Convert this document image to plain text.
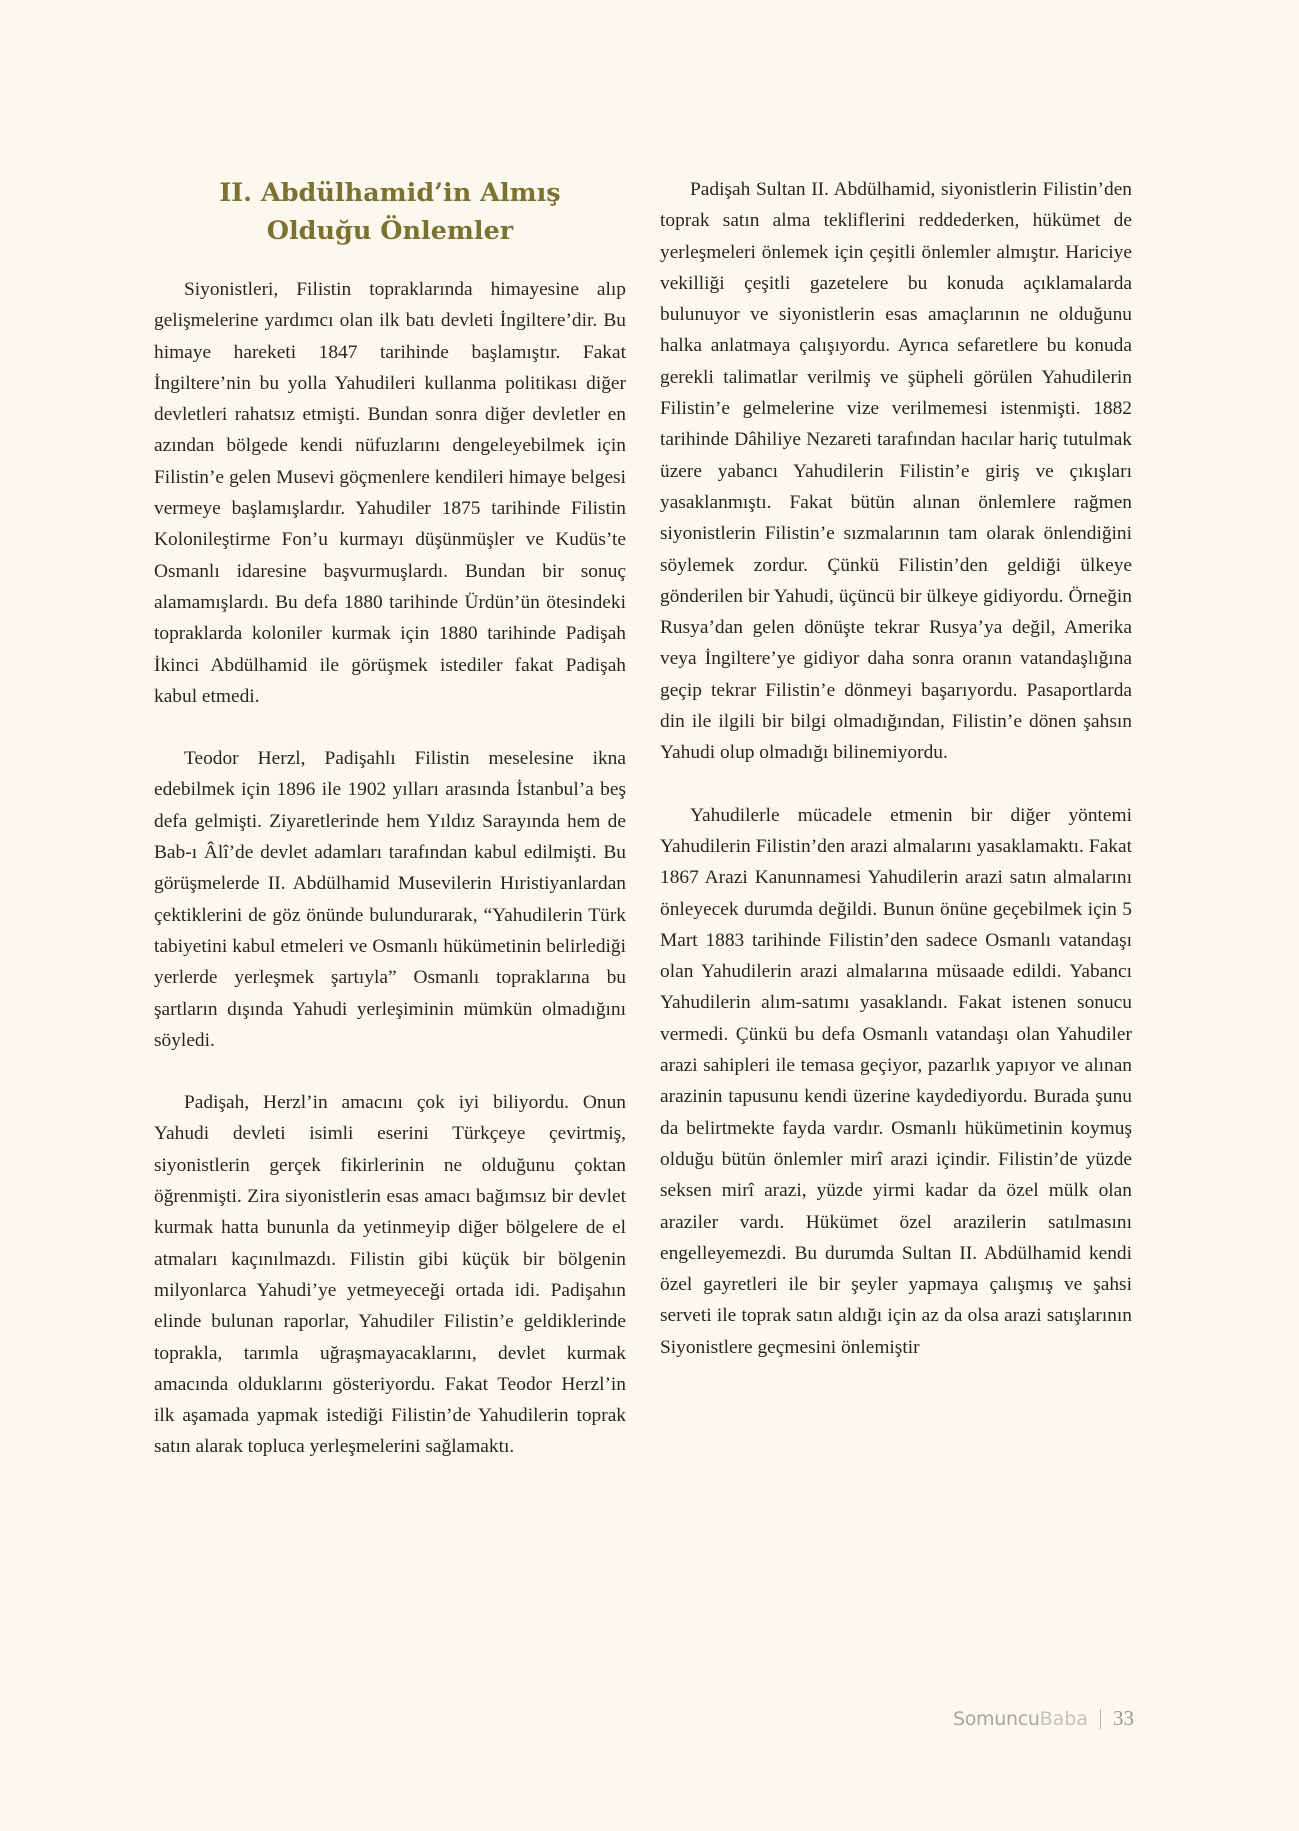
II. Abdülhamid’in Almış
Olduğu Önlemler

Siyonistleri, Filistin topraklarında himayesine alıp gelişmelerine yardımcı olan ilk batı devleti İngiltere’dir. Bu himaye hareketi 1847 tarihinde başlamıştır. Fakat İngiltere’nin bu yolla Yahudileri kullanma politikası diğer devletleri rahatsız etmişti. Bundan sonra diğer devletler en azından bölgede kendi nüfuzlarını dengeleyebilmek için Filistin’e gelen Musevi göçmenlere kendileri himaye belgesi vermeye başlamışlardır. Yahudiler 1875 tarihinde Filistin Kolonileştirme Fon’u kurmayı düşünmüşler ve Kudüs’te Osmanlı idaresine başvurmuşlardı. Bundan bir sonuç alamamışlardı. Bu defa 1880 tarihinde Ürdün’ün ötesindeki topraklarda koloniler kurmak için 1880 tarihinde Padişah İkinci Abdülhamid ile görüşmek istediler fakat Padişah kabul etmedi.

Teodor Herzl, Padişahlı Filistin meselesine ikna edebilmek için 1896 ile 1902 yılları arasında İstanbul’a beş defa gelmişti. Ziyaretlerinde hem Yıldız Sarayında hem de Bab-ı Âlî’de devlet adamları tarafından kabul edilmişti. Bu görüşmelerde II. Abdülhamid Musevilerin Hıristiyanlardan çektiklerini de göz önünde bulundurarak, “Yahudilerin Türk tabiyetini kabul etmeleri ve Osmanlı hükümetinin belirlediği yerlerde yerleşmek şartıyla” Osmanlı topraklarına bu şartların dışında Yahudi yerleşiminin mümkün olmadığını söyledi.

Padişah, Herzl’in amacını çok iyi biliyordu. Onun Yahudi devleti isimli eserini Türkçeye çevirtmiş, siyonistlerin gerçek fikirlerinin ne olduğunu çoktan öğrenmişti. Zira siyonistlerin esas amacı bağımsız bir devlet kurmak hatta bununla da yetinmeyip diğer bölgelere de el atmaları kaçınılmazdı. Filistin gibi küçük bir bölgenin milyonlarca Yahudi’ye yetmeyeceği ortada idi. Padişahın elinde bulunan raporlar, Yahudiler Filistin’e geldiklerinde toprakla, tarımla uğraşmayacaklarını, devlet kurmak amacında olduklarını gösteriyordu. Fakat Teodor Herzl’in ilk aşamada yapmak istediği Filistin’de Yahudilerin toprak satın alarak topluca yerleşmelerini sağlamaktı.

Padişah Sultan II. Abdülhamid, siyonistlerin Filistin’den toprak satın alma tekliflerini reddederken, hükümet de yerleşmeleri önlemek için çeşitli önlemler almıştır. Hariciye vekilliği çeşitli gazetelere bu konuda açıklamalarda bulunuyor ve siyonistlerin esas amaçlarının ne olduğunu halka anlatmaya çalışıyordu. Ayrıca sefaretlere bu konuda gerekli talimatlar verilmiş ve şüpheli görülen Yahudilerin Filistin’e gelmelerine vize verilmemesi istenmişti. 1882 tarihinde Dâhiliye Nezareti tarafından hacılar hariç tutulmak üzere yabancı Yahudilerin Filistin’e giriş ve çıkışları yasaklanmıştı. Fakat bütün alınan önlemlere rağmen siyonistlerin Filistin’e sızmalarının tam olarak önlendiğini söylemek zordur. Çünkü Filistin’den geldiği ülkeye gönderilen bir Yahudi, üçüncü bir ülkeye gidiyordu. Örneğin Rusya’dan gelen dönüşte tekrar Rusya’ya değil, Amerika veya İngiltere’ye gidiyor daha sonra oranın vatandaşlığına geçip tekrar Filistin’e dönmeyi başarıyordu. Pasaportlarda din ile ilgili bir bilgi olmadığından, Filistin’e dönen şahsın Yahudi olup olmadığı bilinemiyordu.

Yahudilerle mücadele etmenin bir diğer yöntemi Yahudilerin Filistin’den arazi almalarını yasaklamaktı. Fakat 1867 Arazi Kanunnamesi Yahudilerin arazi satın almalarını önleyecek durumda değildi. Bunun önüne geçebilmek için 5 Mart 1883 tarihinde Filistin’den sadece Osmanlı vatandaşı olan Yahudilerin arazi almalarına müsaade edildi. Yabancı Yahudilerin alım-satımı yasaklandı. Fakat istenen sonucu vermedi. Çünkü bu defa Osmanlı vatandaşı olan Yahudiler arazi sahipleri ile temasa geçiyor, pazarlık yapıyor ve alınan arazinin tapusunu kendi üzerine kaydediyordu. Burada şunu da belirtmekte fayda vardır. Osmanlı hükümetinin koymuş olduğu bütün önlemler mirî arazi içindir. Filistin’de yüzde seksen mirî arazi, yüzde yirmi kadar da özel mülk olan araziler vardı. Hükümet özel arazilerin satılmasını engelleyemezdi. Bu durumda Sultan II. Abdülhamid kendi özel gayretleri ile bir şeyler yapmaya çalışmış ve şahsi serveti ile toprak satın aldığı için az da olsa arazi satışlarının Siyonistlere geçmesini önlemiştir

SomuncuBaba 33
